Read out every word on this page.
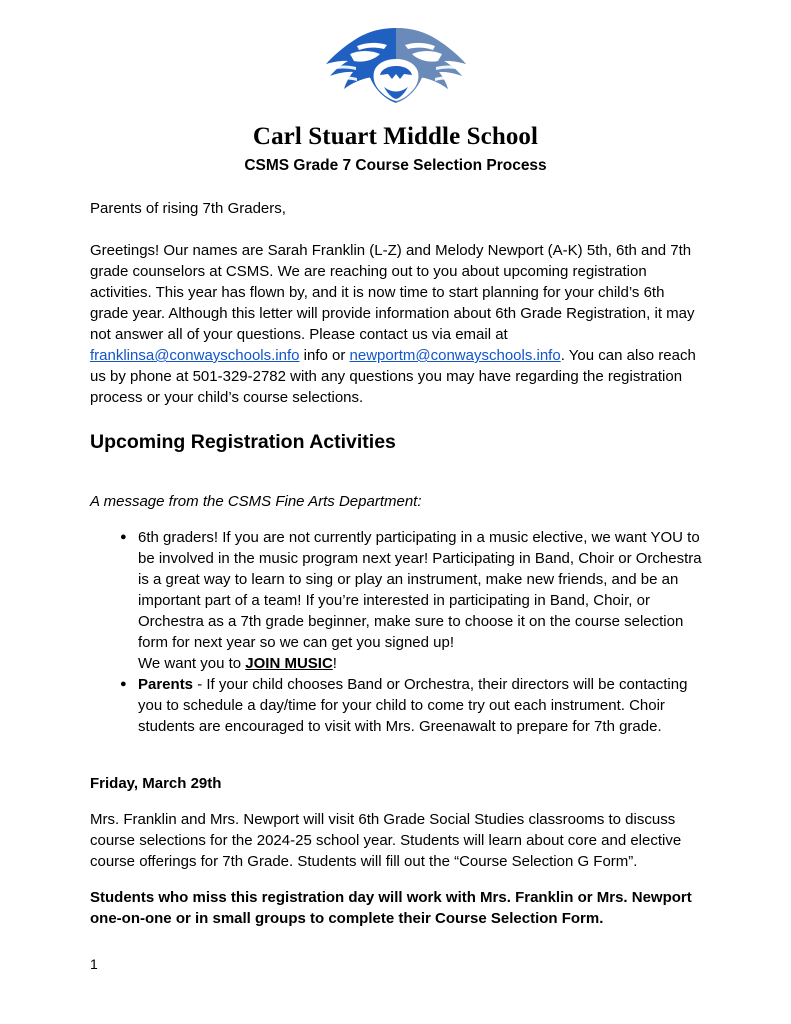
Carl Stuart Middle School
CSMS Grade 7 Course Selection Process

Parents of rising 7th Graders,

Greetings! Our names are Sarah Franklin (L-Z) and Melody Newport (A-K) 5th, 6th and 7th grade counselors at CSMS. We are reaching out to you about upcoming registration activities. This year has flown by, and it is now time to start planning for your child’s 6th grade year. Although this letter will provide information about 6th Grade Registration, it may not answer all of your questions. Please contact us via email at franklinsa@conwayschools.info info or newportm@conwayschools.info. You can also reach us by phone at 501-329-2782 with any questions you may have regarding the registration process or your child’s course selections.

Upcoming Registration Activities

A message from the CSMS Fine Arts Department:

● 6th graders! If you are not currently participating in a music elective, we want YOU to be involved in the music program next year! Participating in Band, Choir or Orchestra is a great way to learn to sing or play an instrument, make new friends, and be an important part of a team! If you’re interested in participating in Band, Choir, or Orchestra as a 7th grade beginner, make sure to choose it on the course selection form for next year so we can get you signed up!
We want you to JOIN MUSIC!
● Parents - If your child chooses Band or Orchestra, their directors will be contacting you to schedule a day/time for your child to come try out each instrument. Choir students are encouraged to visit with Mrs. Greenawalt to prepare for 7th grade.

Friday, March 29th

Mrs. Franklin and Mrs. Newport will visit 6th Grade Social Studies classrooms to discuss course selections for the 2024-25 school year. Students will learn about core and elective course offerings for 7th Grade. Students will fill out the “Course Selection G Form”.

Students who miss this registration day will work with Mrs. Franklin or Mrs. Newport one-on-one or in small groups to complete their Course Selection Form.

1
